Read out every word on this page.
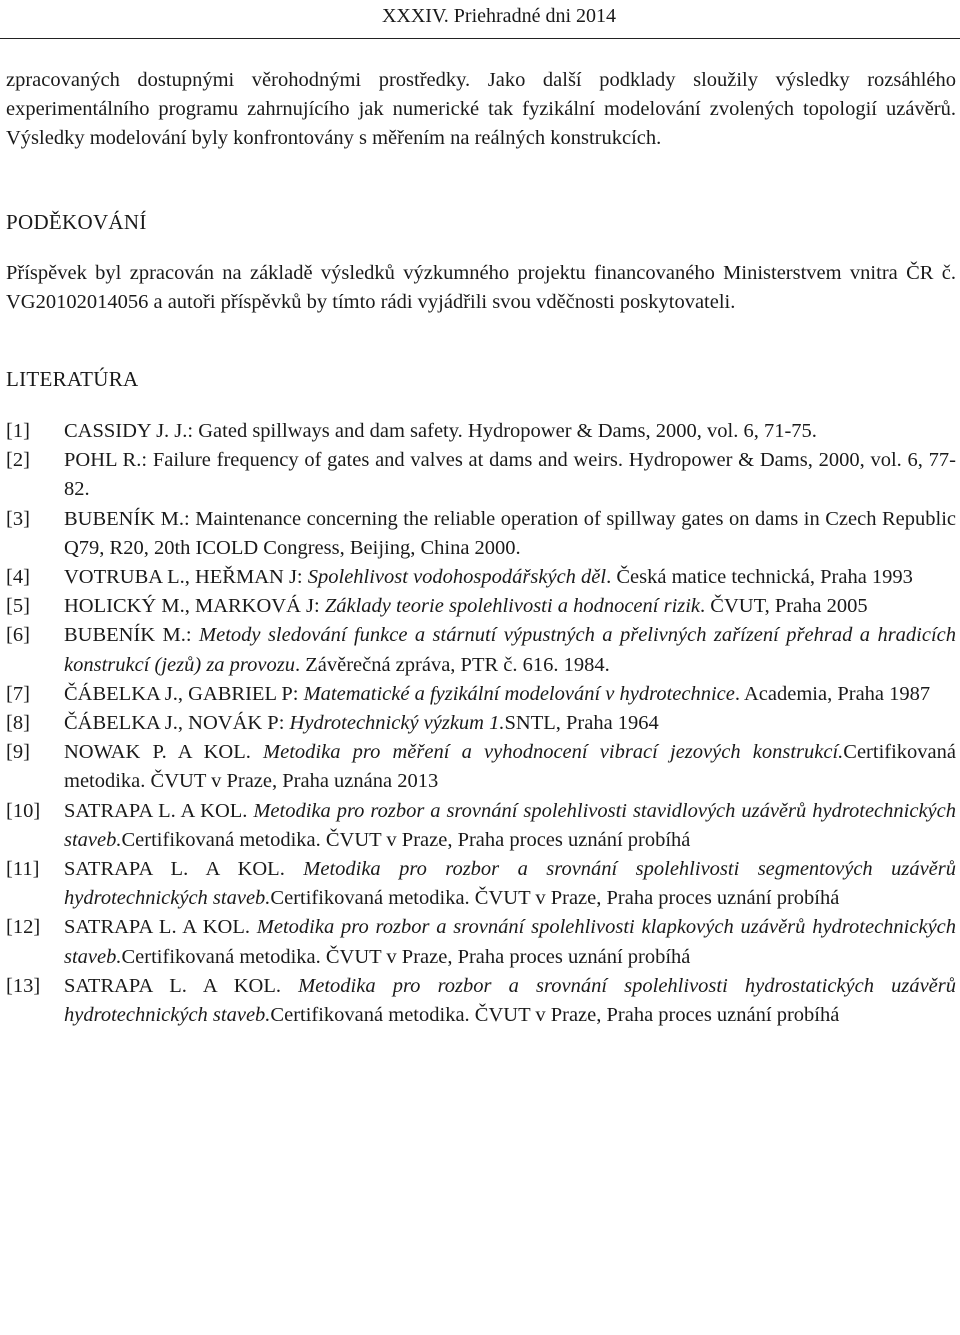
XXXIV. Priehradné dni 2014

zpracovaných dostupnými věrohodnými prostředky. Jako další podklady sloužily výsledky rozsáhlého experimentálního programu zahrnujícího jak numerické tak fyzikální modelování zvolených topologií uzávěrů. Výsledky modelování byly konfrontovány s měřením na reálných konstrukcích.

PODĚKOVÁNÍ

Příspěvek byl zpracován na základě výsledků výzkumného projektu financovaného Ministerstvem vnitra ČR č. VG20102014056 a autoři příspěvků by tímto rádi vyjádřili svou vděčnosti poskytovateli.

LITERATÚRA
[1]	CASSIDY J. J.: Gated spillways and dam safety. Hydropower & Dams, 2000, vol. 6, 71-75.
[2]	POHL R.: Failure frequency of gates and valves at dams and weirs. Hydropower & Dams, 2000, vol. 6, 77-82.
[3]	BUBENÍK M.: Maintenance concerning the reliable operation of spillway gates on dams in Czech Republic Q79, R20, 20th ICOLD Congress, Beijing, China 2000.
[4]	VOTRUBA L., HEŘMAN J: Spolehlivost vodohospodářských děl. Česká matice technická, Praha 1993
[5]	HOLICKÝ M., MARKOVÁ J: Základy teorie spolehlivosti a hodnocení rizik. ČVUT, Praha 2005
[6]	BUBENÍK M.: Metody sledování funkce a stárnutí výpustných a přelivných zařízení přehrad a hradicích konstrukcí (jezů) za provozu. Závěrečná zpráva, PTR č. 616. 1984.
[7]	ČÁBELKA J., GABRIEL P: Matematické a fyzikální modelování v hydrotechnice. Academia, Praha 1987
[8]	ČÁBELKA J., NOVÁK P: Hydrotechnický výzkum 1.SNTL, Praha 1964
[9]	NOWAK P. A KOL. Metodika pro měření a vyhodnocení vibrací jezových konstrukcí.Certifikovaná metodika. ČVUT v Praze, Praha uznána 2013
[10]	SATRAPA L. A KOL. Metodika pro rozbor a srovnání spolehlivosti stavidlových uzávěrů hydrotechnických staveb.Certifikovaná metodika. ČVUT v Praze, Praha proces uznání probíhá
[11]	SATRAPA L. A KOL. Metodika pro rozbor a srovnání spolehlivosti segmentových uzávěrů hydrotechnických staveb.Certifikovaná metodika. ČVUT v Praze, Praha proces uznání probíhá
[12]	SATRAPA L. A KOL. Metodika pro rozbor a srovnání spolehlivosti klapkových uzávěrů hydrotechnických staveb.Certifikovaná metodika. ČVUT v Praze, Praha proces uznání probíhá
[13]	SATRAPA L. A KOL. Metodika pro rozbor a srovnání spolehlivosti hydrostatických uzávěrů hydrotechnických staveb.Certifikovaná metodika. ČVUT v Praze, Praha proces uznání probíhá
